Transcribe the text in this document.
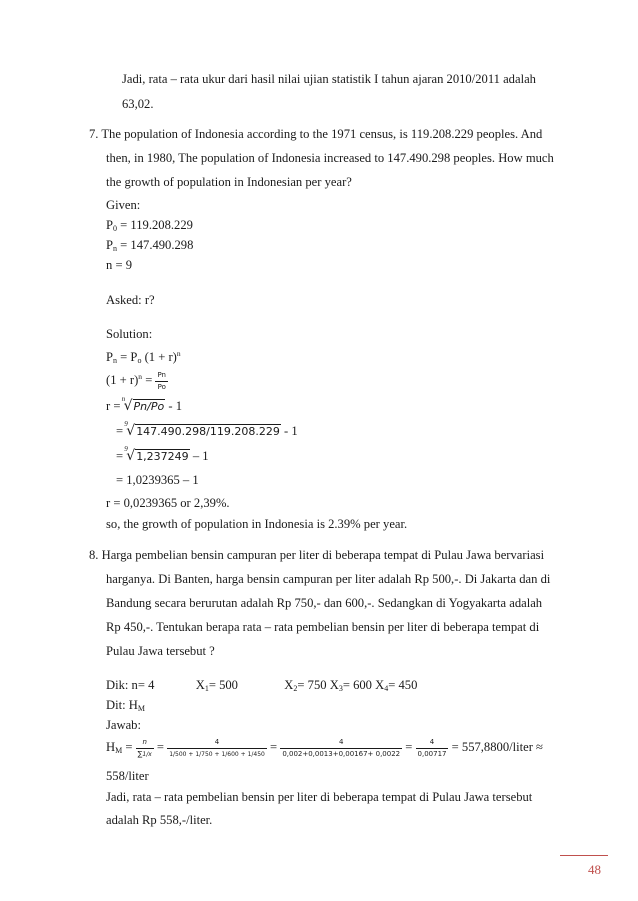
Jadi, rata – rata ukur dari hasil nilai ujian statistik I tahun ajaran 2010/2011 adalah
63,02.
7. The population of Indonesia according to the 1971 census, is 119.208.229 peoples. And
then, in 1980, The population of Indonesia increased to 147.490.298 peoples. How much
the growth of population in Indonesian per year?
Given:
$P_0 = 119.208.229$
$P_n = 147.490.298$
n = 9
Asked: r?
Solution:
$P_n = P_o$ $(1 + r)^n$
$(1 + r)^n = \frac{Pn}{Po}$
r = n
√Pn/Po - 1
= 9
√147.490.298/119.208.229 - 1
= 9
√1,237249 – 1
= 1,0239365 – 1
r = 0,0239365 or 2,39%.
so, the growth of population in Indonesia is 2.39% per year.
8. Harga pembelian bensin campuran per liter di beberapa tempat di Pulau Jawa bervariasi
harganya. Di Banten, harga bensin campuran per liter adalah Rp 500,-. Di Jakarta dan di
Bandung secara berurutan adalah Rp 750,- dan 600,-. Sedangkan di Yogyakarta adalah
Rp 450,-. Tentukan berapa rata – rata pembelian bensin per liter di beberapa tempat di
Pulau Jawa tersebut ?
Dik: n= 4	$X_1= 500$	$X_2= 750$ $X_3= 600$ $X_4= 450$
Dit: $H_M$
Jawab:
$H_M = \frac{n}{\sum 1/x} = \frac{4}{1/500 + 1/750 + 1/600 + 1/450} = \frac{4}{0,002+0,0013+0,00167+ 0,0022} = \frac{4}{0,00717}$ = 557,8800/liter ≈
558/liter
Jadi, rata – rata pembelian bensin per liter di beberapa tempat di Pulau Jawa tersebut
adalah Rp 558,-/liter.
48
